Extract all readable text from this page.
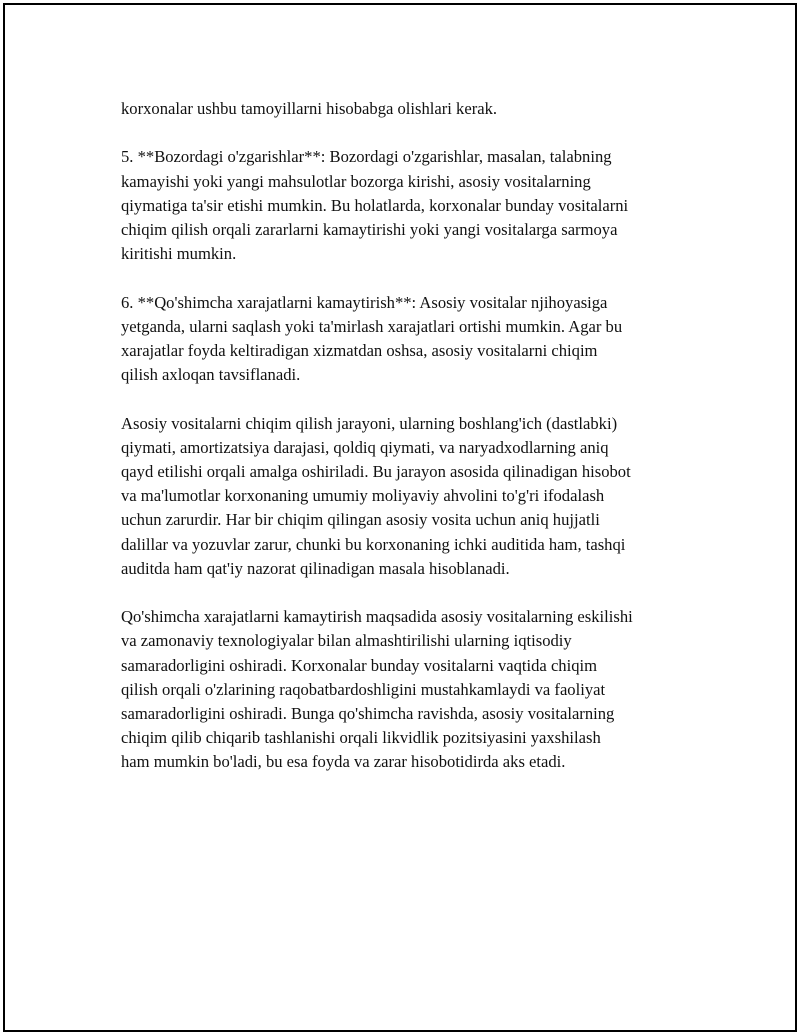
korxonalar ushbu tamoyillarni hisobabga olishlari kerak.

5. **Bozordagi o'zgarishlar**: Bozordagi o'zgarishlar, masalan, talabning
kamayishi yoki yangi mahsulotlar bozorga kirishi, asosiy vositalarning
qiymatiga ta'sir etishi mumkin. Bu holatlarda, korxonalar bunday vositalarni
chiqim qilish orqali zararlarni kamaytirishi yoki yangi vositalarga sarmoya
kiritishi mumkin.

6. **Qo'shimcha xarajatlarni kamaytirish**: Asosiy vositalar njihoyasiga
yetganda, ularni saqlash yoki ta'mirlash xarajatlari ortishi mumkin. Agar bu
xarajatlar foyda keltiradigan xizmatdan oshsa, asosiy vositalarni chiqim
qilish axloqan tavsiflanadi.

Asosiy vositalarni chiqim qilish jarayoni, ularning boshlang'ich (dastlabki)
qiymati, amortizatsiya darajasi, qoldiq qiymati, va naryadxodlarning aniq
qayd etilishi orqali amalga oshiriladi. Bu jarayon asosida qilinadigan hisobot
va ma'lumotlar korxonaning umumiy moliyaviy ahvolini to'g'ri ifodalash
uchun zarurdir. Har bir chiqim qilingan asosiy vosita uchun aniq hujjatli
dalillar va yozuvlar zarur, chunki bu korxonaning ichki auditida ham, tashqi
auditda ham qat'iy nazorat qilinadigan masala hisoblanadi.

Qo'shimcha xarajatlarni kamaytirish maqsadida asosiy vositalarning eskilishi
va zamonaviy texnologiyalar bilan almashtirilishi ularning iqtisodiy
samaradorligini oshiradi. Korxonalar bunday vositalarni vaqtida chiqim
qilish orqali o'zlarining raqobatbardoshligini mustahkamlaydi va faoliyat
samaradorligini oshiradi. Bunga qo'shimcha ravishda, asosiy vositalarning
chiqim qilib chiqarib tashlanishi orqali likvidlik pozitsiyasini yaxshilash
ham mumkin bo'ladi, bu esa foyda va zarar hisobotidirda aks etadi.
